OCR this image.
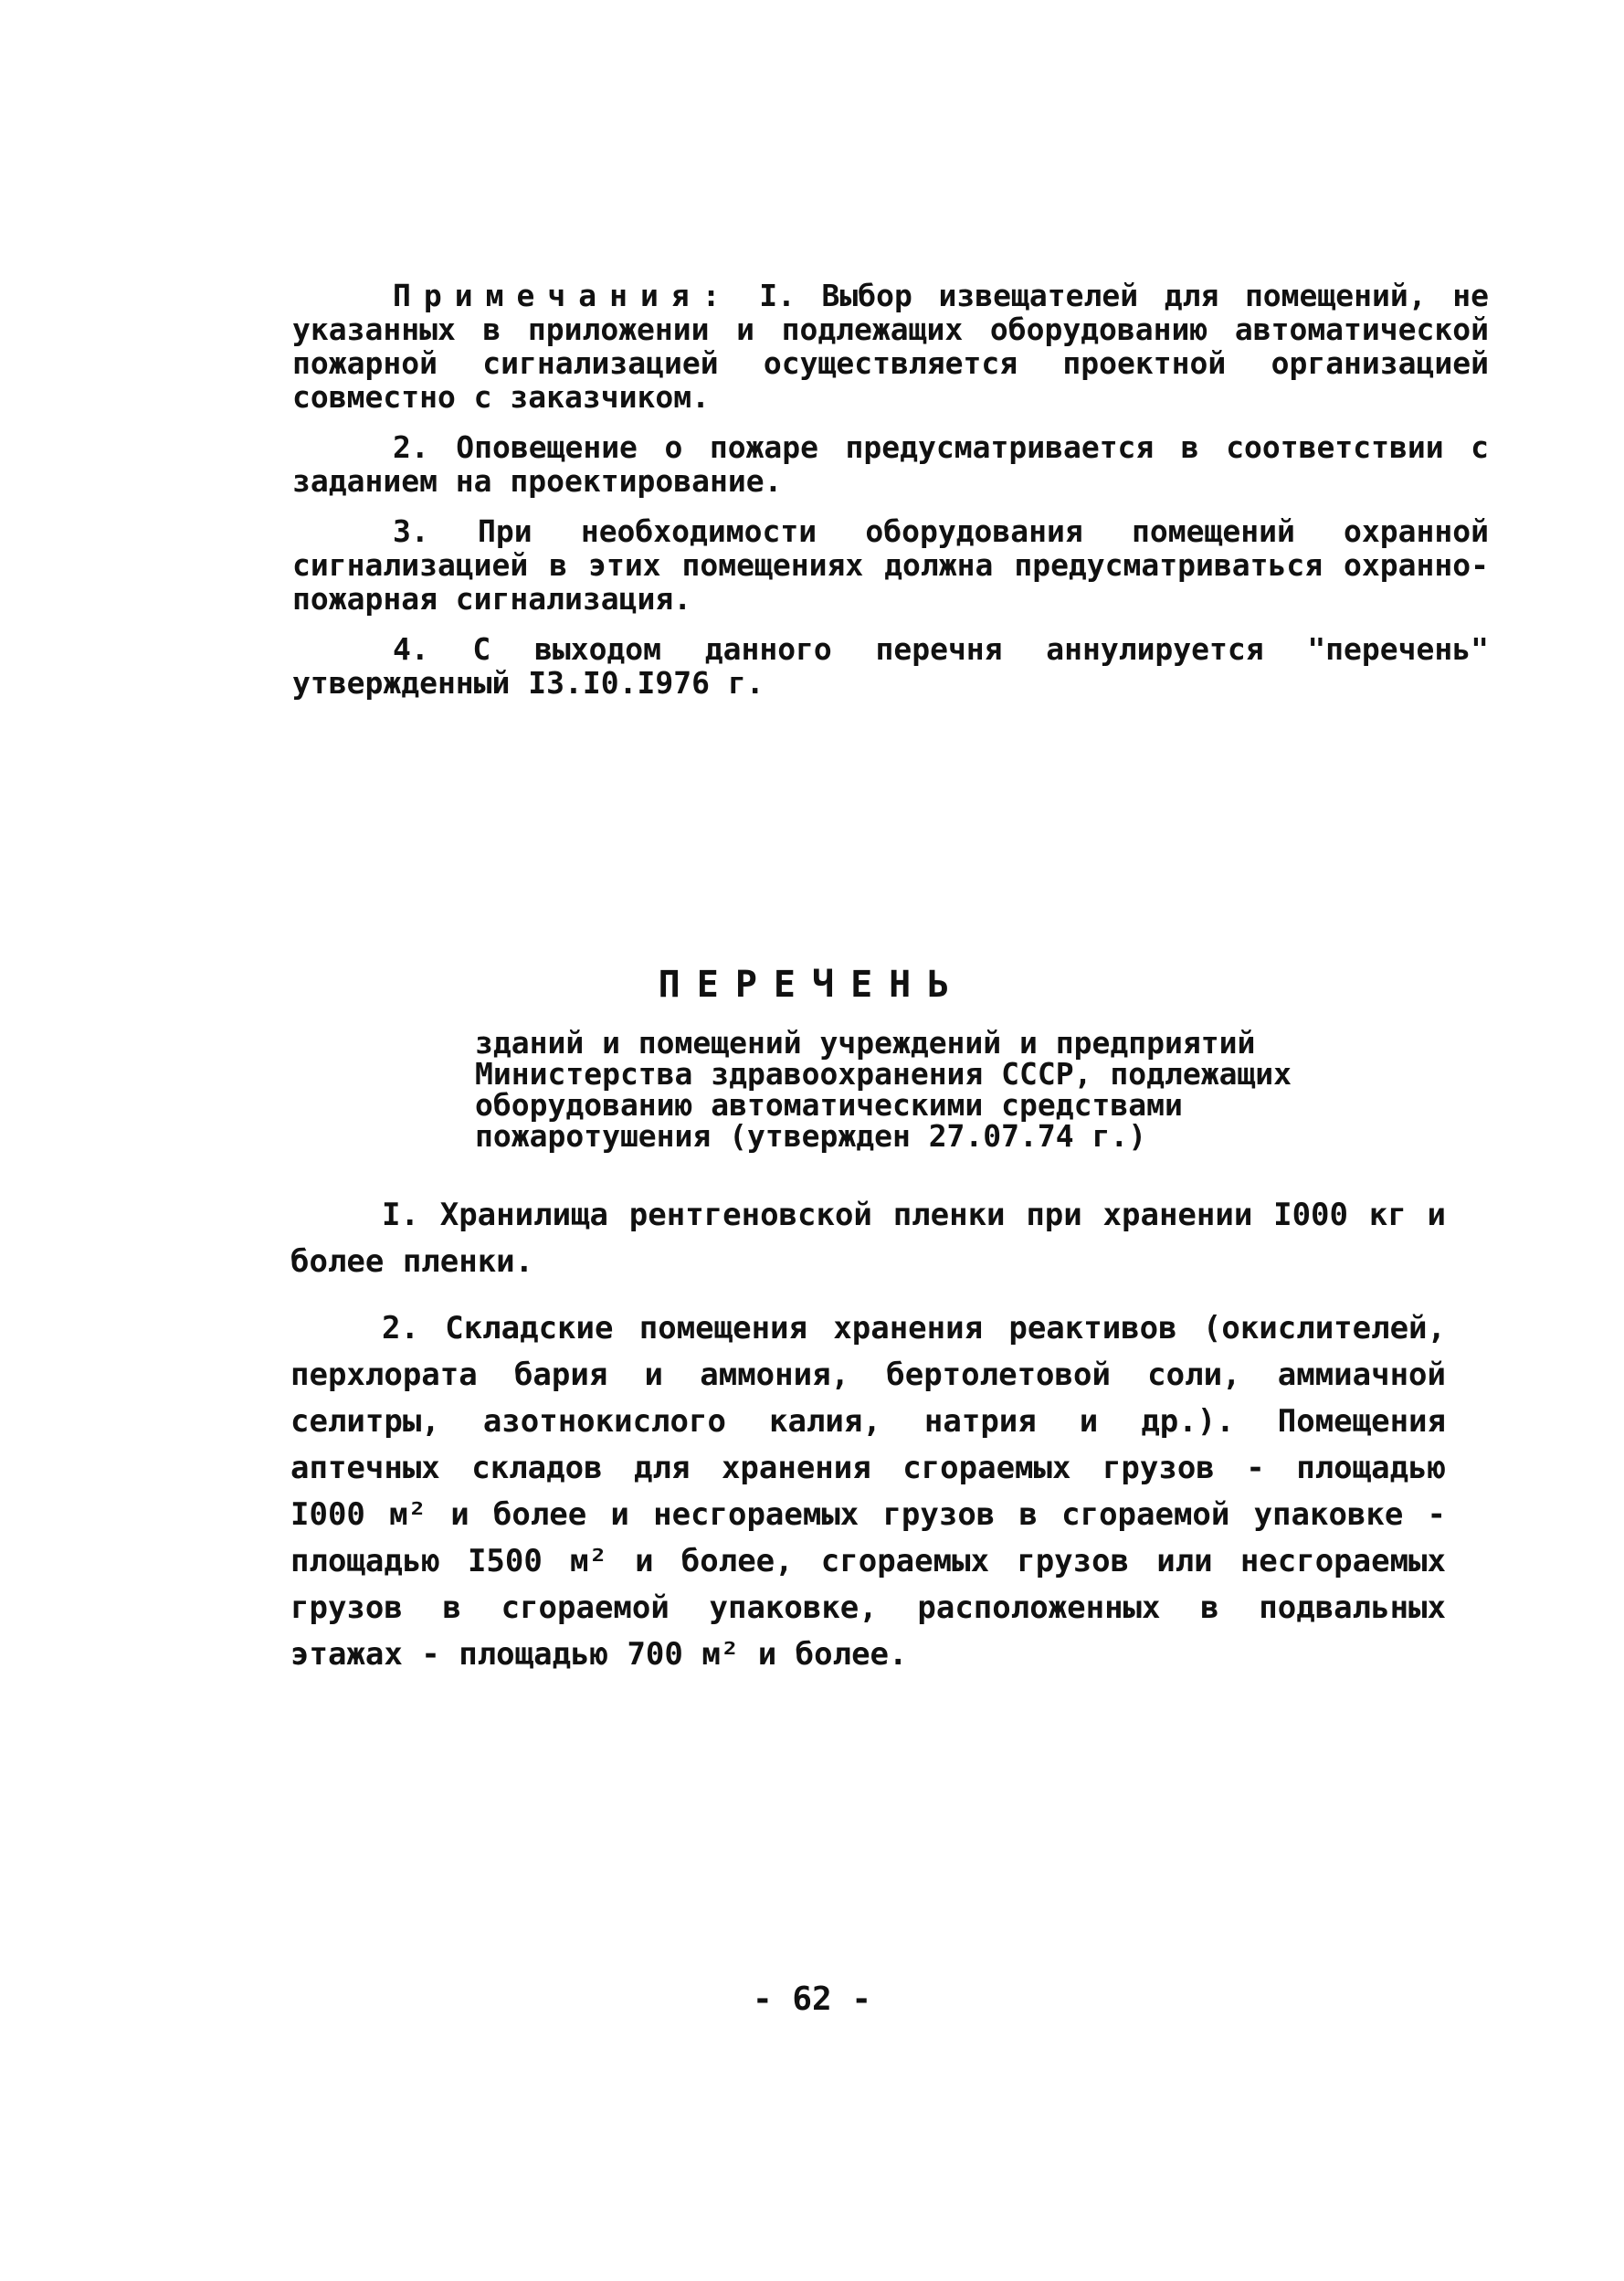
Примечания: I. Выбор извещателей для помещений, не указанных в приложении и подлежащих оборудованию автоматической пожарной сигнализацией осуществляется проектной организацией совместно с заказчиком.

2. Оповещение о пожаре предусматривается в соответствии с заданием на проектирование.

3. При необходимости оборудования помещений охранной сигнализацией в этих помещениях должна предусматриваться охранно-пожарная сигнализация.

4. С выходом данного перечня аннулируется "перечень" утвержденный I3.I0.I976 г.

ПЕРЕЧЕНЬ

зданий и помещений учреждений и предприятий
Министерства здравоохранения СССР, подлежащих оборудованию автоматическими средствами пожаротушения (утвержден 27.07.74 г.)

I. Хранилища рентгеновской пленки при хранении I000 кг и более пленки.

2. Складские помещения хранения реактивов (окислителей, перхлората бария и аммония, бертолетовой соли, аммиачной селитры, азотнокислого калия, натрия и др.). Помещения аптечных складов для хранения сгораемых грузов - площадью I000 м² и более и несгораемых грузов в сгораемой упаковке - площадью I500 м² и более, сгораемых грузов или несгораемых грузов в сгораемой упаковке, расположенных в подвальных этажах - площадью 700 м² и более.

- 62 -
